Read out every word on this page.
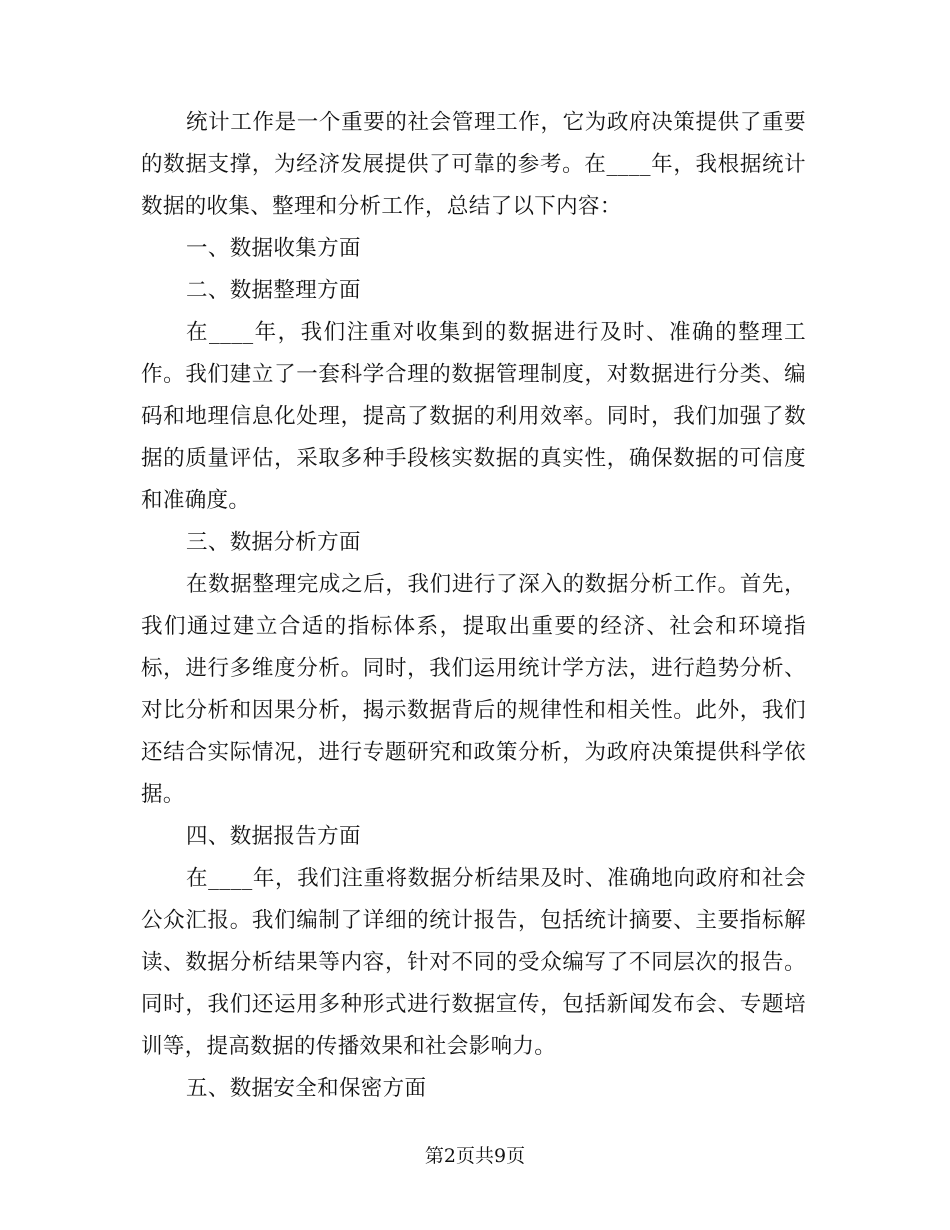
统计工作是一个重要的社会管理工作，它为政府决策提供了重要的数据支撑，为经济发展提供了可靠的参考。在____年，我根据统计数据的收集、整理和分析工作，总结了以下内容：

一、数据收集方面

二、数据整理方面

在____年，我们注重对收集到的数据进行及时、准确的整理工作。我们建立了一套科学合理的数据管理制度，对数据进行分类、编码和地理信息化处理，提高了数据的利用效率。同时，我们加强了数据的质量评估，采取多种手段核实数据的真实性，确保数据的可信度和准确度。

三、数据分析方面

在数据整理完成之后，我们进行了深入的数据分析工作。首先，我们通过建立合适的指标体系，提取出重要的经济、社会和环境指标，进行多维度分析。同时，我们运用统计学方法，进行趋势分析、对比分析和因果分析，揭示数据背后的规律性和相关性。此外，我们还结合实际情况，进行专题研究和政策分析，为政府决策提供科学依据。

四、数据报告方面

在____年，我们注重将数据分析结果及时、准确地向政府和社会公众汇报。我们编制了详细的统计报告，包括统计摘要、主要指标解读、数据分析结果等内容，针对不同的受众编写了不同层次的报告。同时，我们还运用多种形式进行数据宣传，包括新闻发布会、专题培训等，提高数据的传播效果和社会影响力。

五、数据安全和保密方面

第2页共9页
